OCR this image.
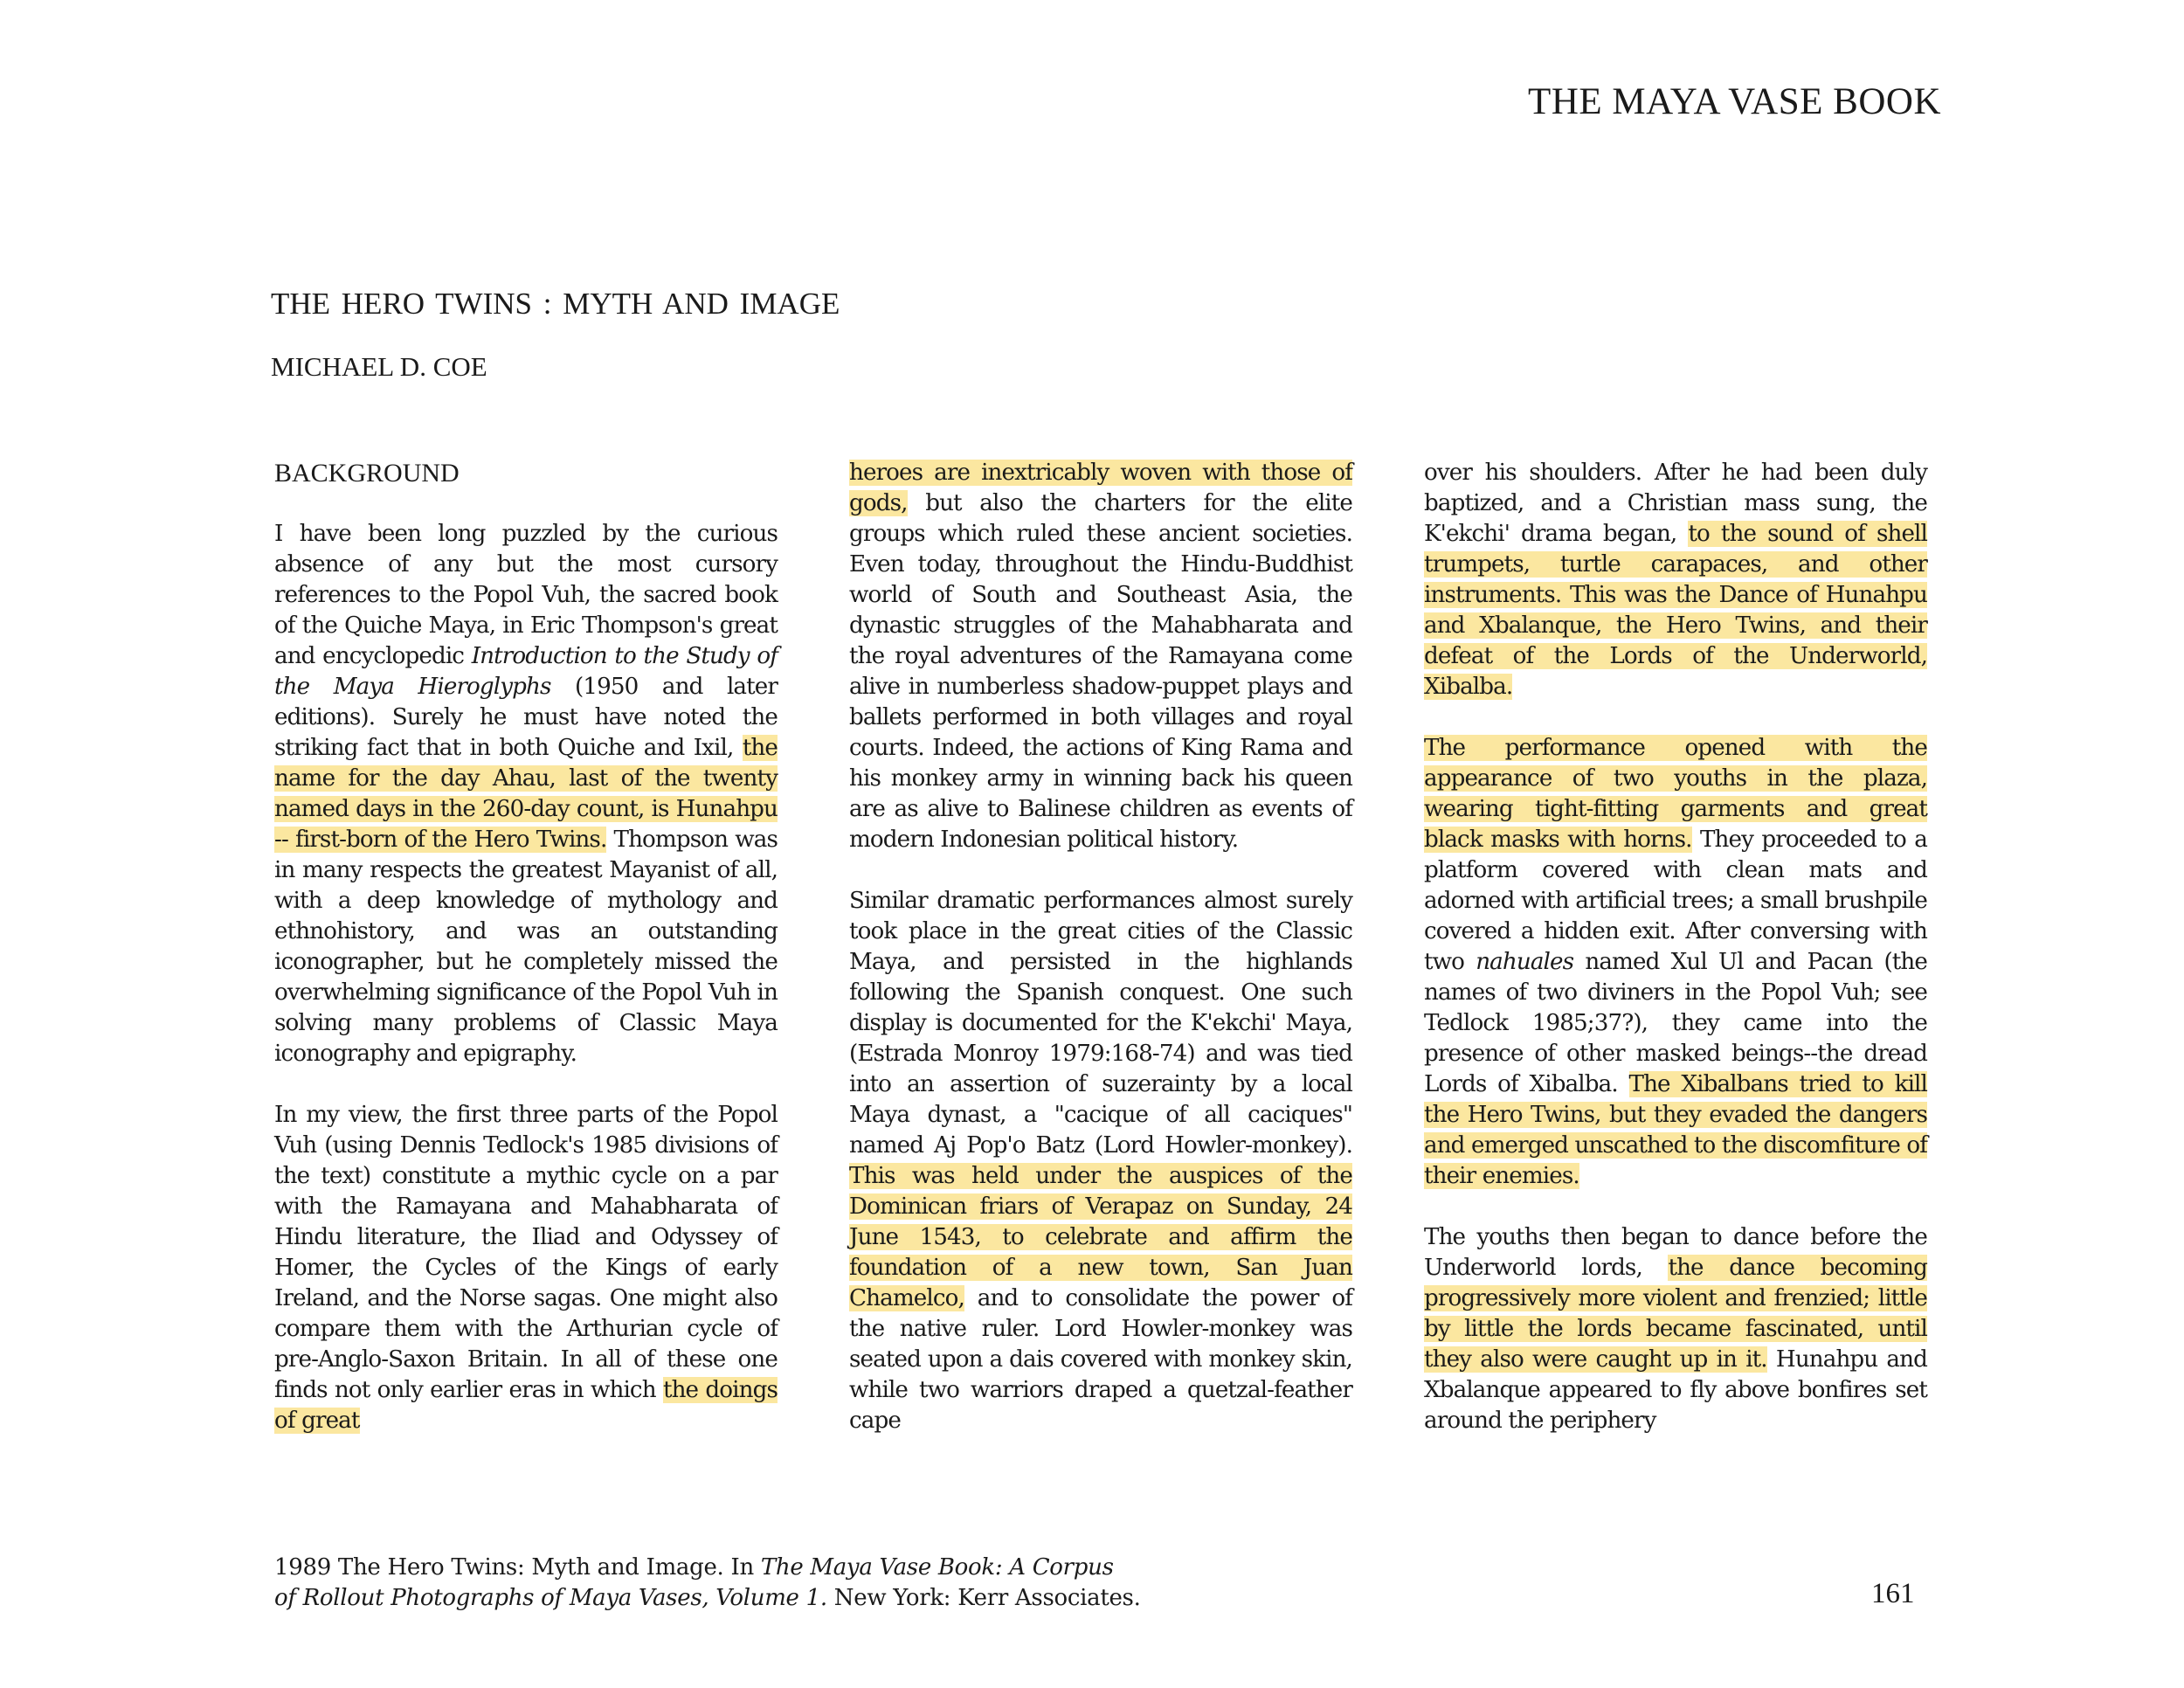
THE MAYA VASE BOOK
THE HERO TWINS : MYTH AND IMAGE
MICHAEL D. COE
BACKGROUND

I have been long puzzled by the curious absence of any but the most cursory references to the Popol Vuh, the sacred book of the Quiche Maya, in Eric Thompson's great and encyclopedic Introduction to the Study of the Maya Hieroglyphs (1950 and later editions). Surely he must have noted the striking fact that in both Quiche and Ixil, the name for the day Ahau, last of the twenty named days in the 260-day count, is Hunahpu -- first-born of the Hero Twins. Thompson was in many respects the greatest Mayanist of all, with a deep knowledge of mythology and ethnohistory, and was an outstanding iconographer, but he completely missed the overwhelming significance of the Popol Vuh in solving many problems of Classic Maya iconography and epigraphy.

In my view, the first three parts of the Popol Vuh (using Dennis Tedlock's 1985 divisions of the text) constitute a mythic cycle on a par with the Ramayana and Mahabharata of Hindu literature, the Iliad and Odyssey of Homer, the Cycles of the Kings of early Ireland, and the Norse sagas. One might also compare them with the Arthurian cycle of pre-Anglo-Saxon Britain. In all of these one finds not only earlier eras in which the doings of great

heroes are inextricably woven with those of gods, but also the charters for the elite groups which ruled these ancient societies. Even today, throughout the Hindu-Buddhist world of South and Southeast Asia, the dynastic struggles of the Mahabharata and the royal adventures of the Ramayana come alive in numberless shadow-puppet plays and ballets performed in both villages and royal courts. Indeed, the actions of King Rama and his monkey army in winning back his queen are as alive to Balinese children as events of modern Indonesian political history.

Similar dramatic performances almost surely took place in the great cities of the Classic Maya, and persisted in the highlands following the Spanish conquest. One such display is documented for the K'ekchi' Maya, (Estrada Monroy 1979:168-74) and was tied into an assertion of suzerainty by a local Maya dynast, a "cacique of all caciques" named Aj Pop'o Batz (Lord Howler-monkey). This was held under the auspices of the Dominican friars of Verapaz on Sunday, 24 June 1543, to celebrate and affirm the foundation of a new town, San Juan Chamelco, and to consolidate the power of the native ruler. Lord Howler-monkey was seated upon a dais covered with monkey skin, while two warriors draped a quetzal-feather cape

over his shoulders. After he had been duly baptized, and a Christian mass sung, the K'ekchi' drama began, to the sound of shell trumpets, turtle carapaces, and other instruments. This was the Dance of Hunahpu and Xbalanque, the Hero Twins, and their defeat of the Lords of the Underworld, Xibalba.

The performance opened with the appearance of two youths in the plaza, wearing tight-fitting garments and great black masks with horns. They proceeded to a platform covered with clean mats and adorned with artificial trees; a small brushpile covered a hidden exit. After conversing with two nahuales named Xul Ul and Pacan (the names of two diviners in the Popol Vuh; see Tedlock 1985;37?), they came into the presence of other masked beings--the dread Lords of Xibalba. The Xibalbans tried to kill the Hero Twins, but they evaded the dangers and emerged unscathed to the discomfiture of their enemies.

The youths then began to dance before the Underworld lords, the dance becoming progressively more violent and frenzied; little by little the lords became fascinated, until they also were caught up in it. Hunahpu and Xbalanque appeared to fly above bonfires set around the periphery

1989 The Hero Twins: Myth and Image. In The Maya Vase Book: A Corpus
of Rollout Photographs of Maya Vases, Volume 1. New York: Kerr Associates.	161
